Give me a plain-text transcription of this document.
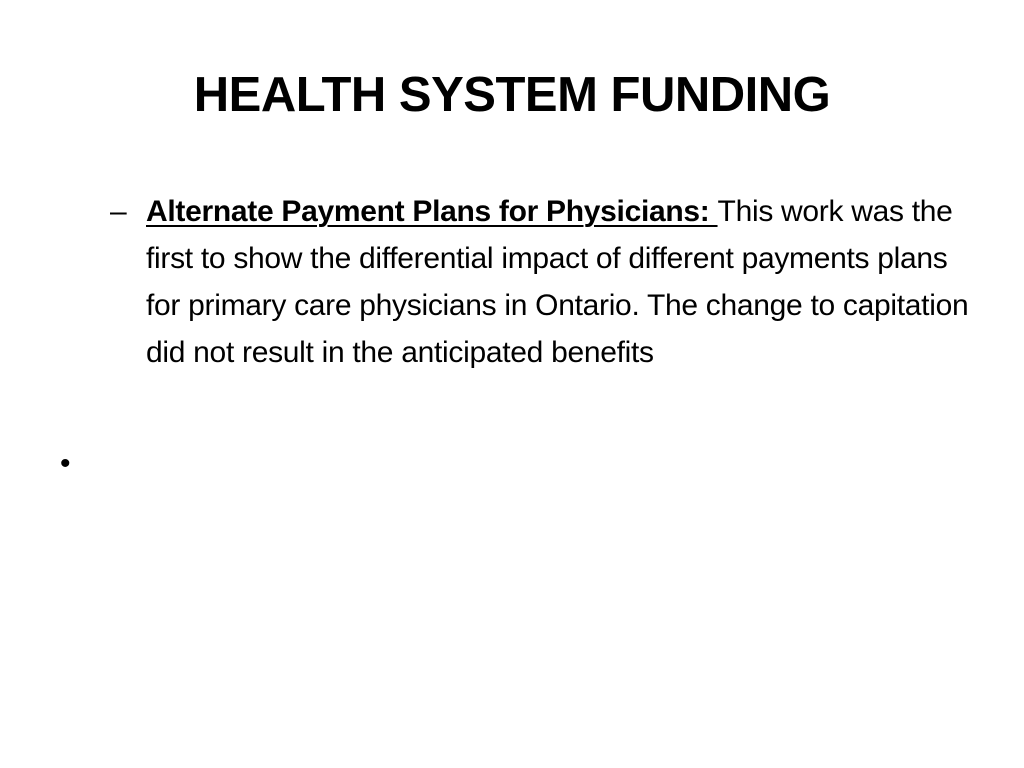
HEALTH SYSTEM FUNDING
– Alternate Payment Plans for Physicians: This work was the first to show the differential impact of different payments plans for primary care physicians in Ontario. The change to capitation did not result in the anticipated benefits
•
